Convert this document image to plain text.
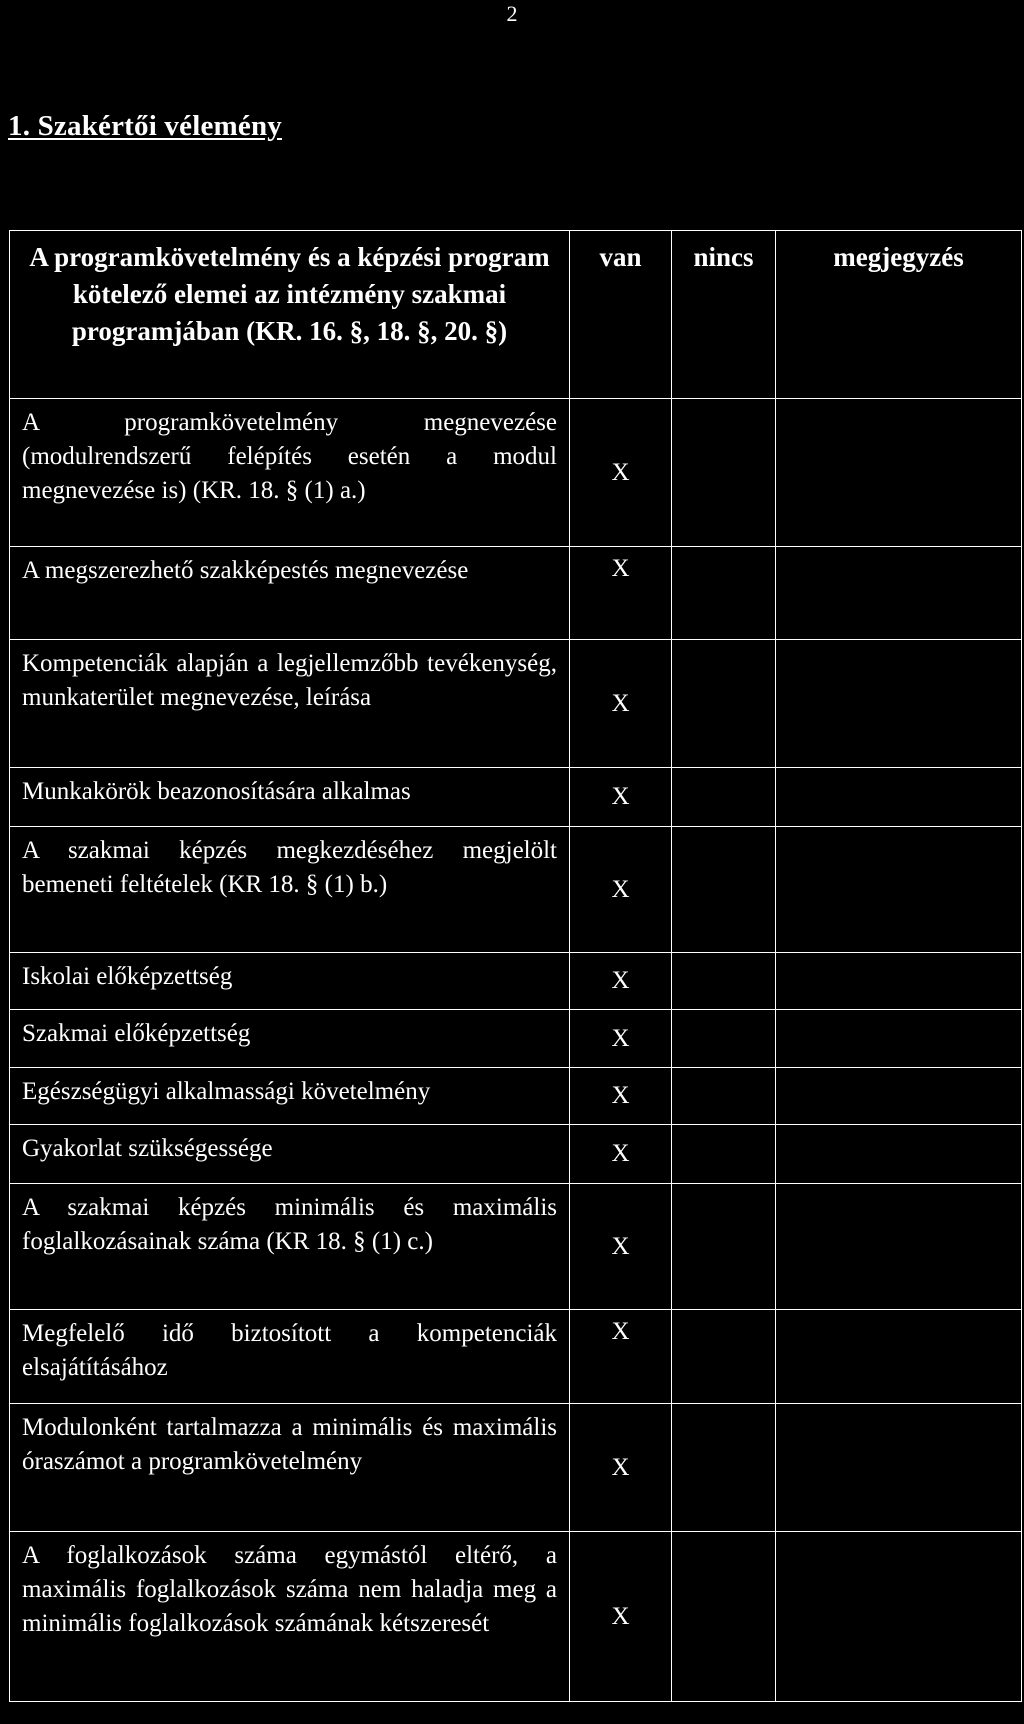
2
1. Szakértői vélemény
A programkövetelmény és a képzési program kötelező elemei az intézmény szakmai programjában (KR. 16. §, 18. §, 20. §)	van	nincs	megjegyzés
A programkövetelmény megnevezése (modulrendszerű felépítés esetén a modul megnevezése is) (KR. 18. § (1) a.)	X		
A megszerezhető szakképestés megnevezése	X		
Kompetenciák alapján a legjellemzőbb tevékenység, munkaterület megnevezése, leírása	X		
Munkakörök beazonosítására alkalmas	X		
A szakmai képzés megkezdéséhez megjelölt bemeneti feltételek (KR 18. § (1) b.)	X		
Iskolai előképzettség	X		
Szakmai előképzettség	X		
Egészségügyi alkalmassági követelmény	X		
Gyakorlat szükségessége	X		
A szakmai képzés minimális és maximális foglalkozásainak száma (KR 18. § (1) c.)	X		
Megfelelő idő biztosított a kompetenciák elsajátításához	X		
Modulonként tartalmazza a minimális és maximális óraszámot a programkövetelmény	X		
A foglalkozások száma egymástól eltérő, a maximális foglalkozások száma nem haladja meg a minimális foglalkozások számának kétszeresét	X		
